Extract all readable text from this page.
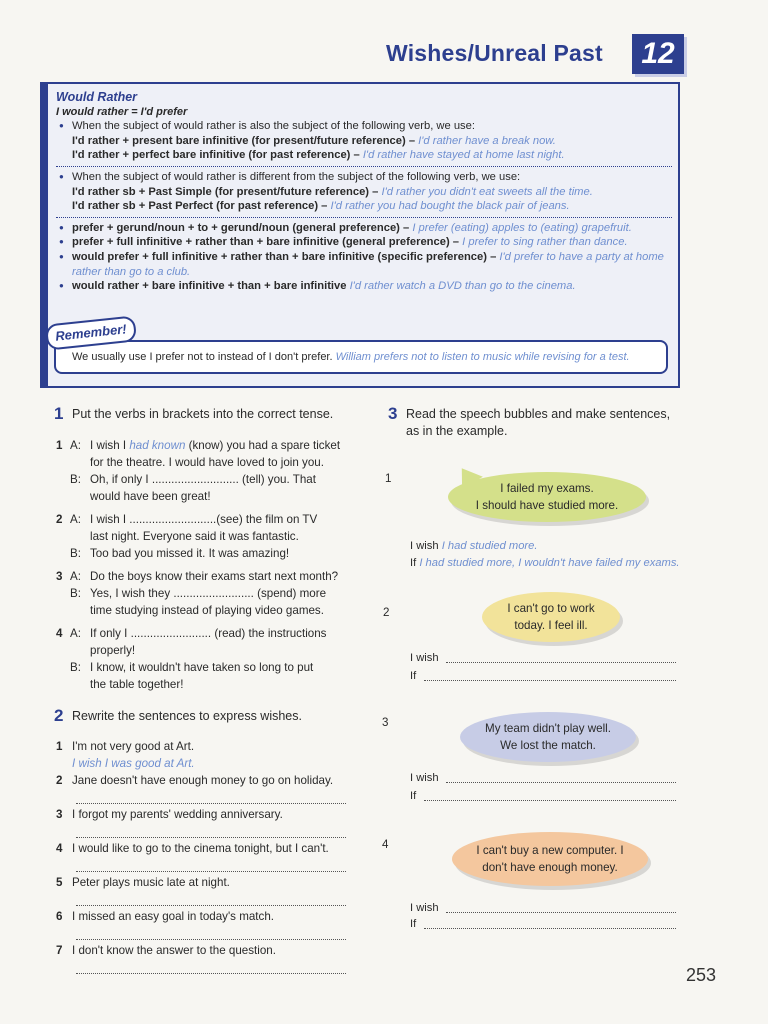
Wishes/Unreal Past	12
Would Rather
I would rather = I'd prefer
● When the subject of would rather is also the subject of the following verb, we use:
I'd rather + present bare infinitive (for present/future reference) – I'd rather have a break now.
I'd rather + perfect bare infinitive (for past reference) – I'd rather have stayed at home last night.
● When the subject of would rather is different from the subject of the following verb, we use:
I'd rather sb + Past Simple (for present/future reference) – I'd rather you didn't eat sweets all the time.
I'd rather sb + Past Perfect (for past reference) – I'd rather you had bought the black pair of jeans.
● prefer + gerund/noun + to + gerund/noun (general preference) – I prefer (eating) apples to (eating) grapefruit.
● prefer + full infinitive + rather than + bare infinitive (general preference) – I prefer to sing rather than dance.
● would prefer + full infinitive + rather than + bare infinitive (specific preference) – I'd prefer to have a party at home rather than go to a club.
● would rather + bare infinitive + than + bare infinitive I'd rather watch a DVD than go to the cinema.
We usually use I prefer not to instead of I don't prefer. William prefers not to listen to music while revising for a test.
Remember!
1 Put the verbs in brackets into the correct tense.
1 A: I wish I had known (know) you had a spare ticket
for the theatre. I would have loved to join you.
B: Oh, if only I ........................... (tell) you. That
would have been great!
2 A: I wish I ...........................(see) the film on TV
last night. Everyone said it was fantastic.
B: Too bad you missed it. It was amazing!
3 A: Do the boys know their exams start next month?
B: Yes, I wish they ......................... (spend) more
time studying instead of playing video games.
4 A: If only I ......................... (read) the instructions
properly!
B: I know, it wouldn't have taken so long to put
the table together!
2 Rewrite the sentences to express wishes.
1 I'm not very good at Art.
I wish I was good at Art.
2 Jane doesn't have enough money to go on holiday.
3 I forgot my parents' wedding anniversary.
4 I would like to go to the cinema tonight, but I can't.
5 Peter plays music late at night.
6 I missed an easy goal in today's match.
7 I don't know the answer to the question.
3 Read the speech bubbles and make sentences,
as in the example.
1
I failed my exams.
I should have studied more.
I wish I had studied more.
If I had studied more, I wouldn't have failed my exams.
2	I can't go to work
today. I feel ill.
I wish
If
3	My team didn't play well.
We lost the match.
I wish
If
4	I can't buy a new computer. I
don't have enough money.
I wish
If
253
